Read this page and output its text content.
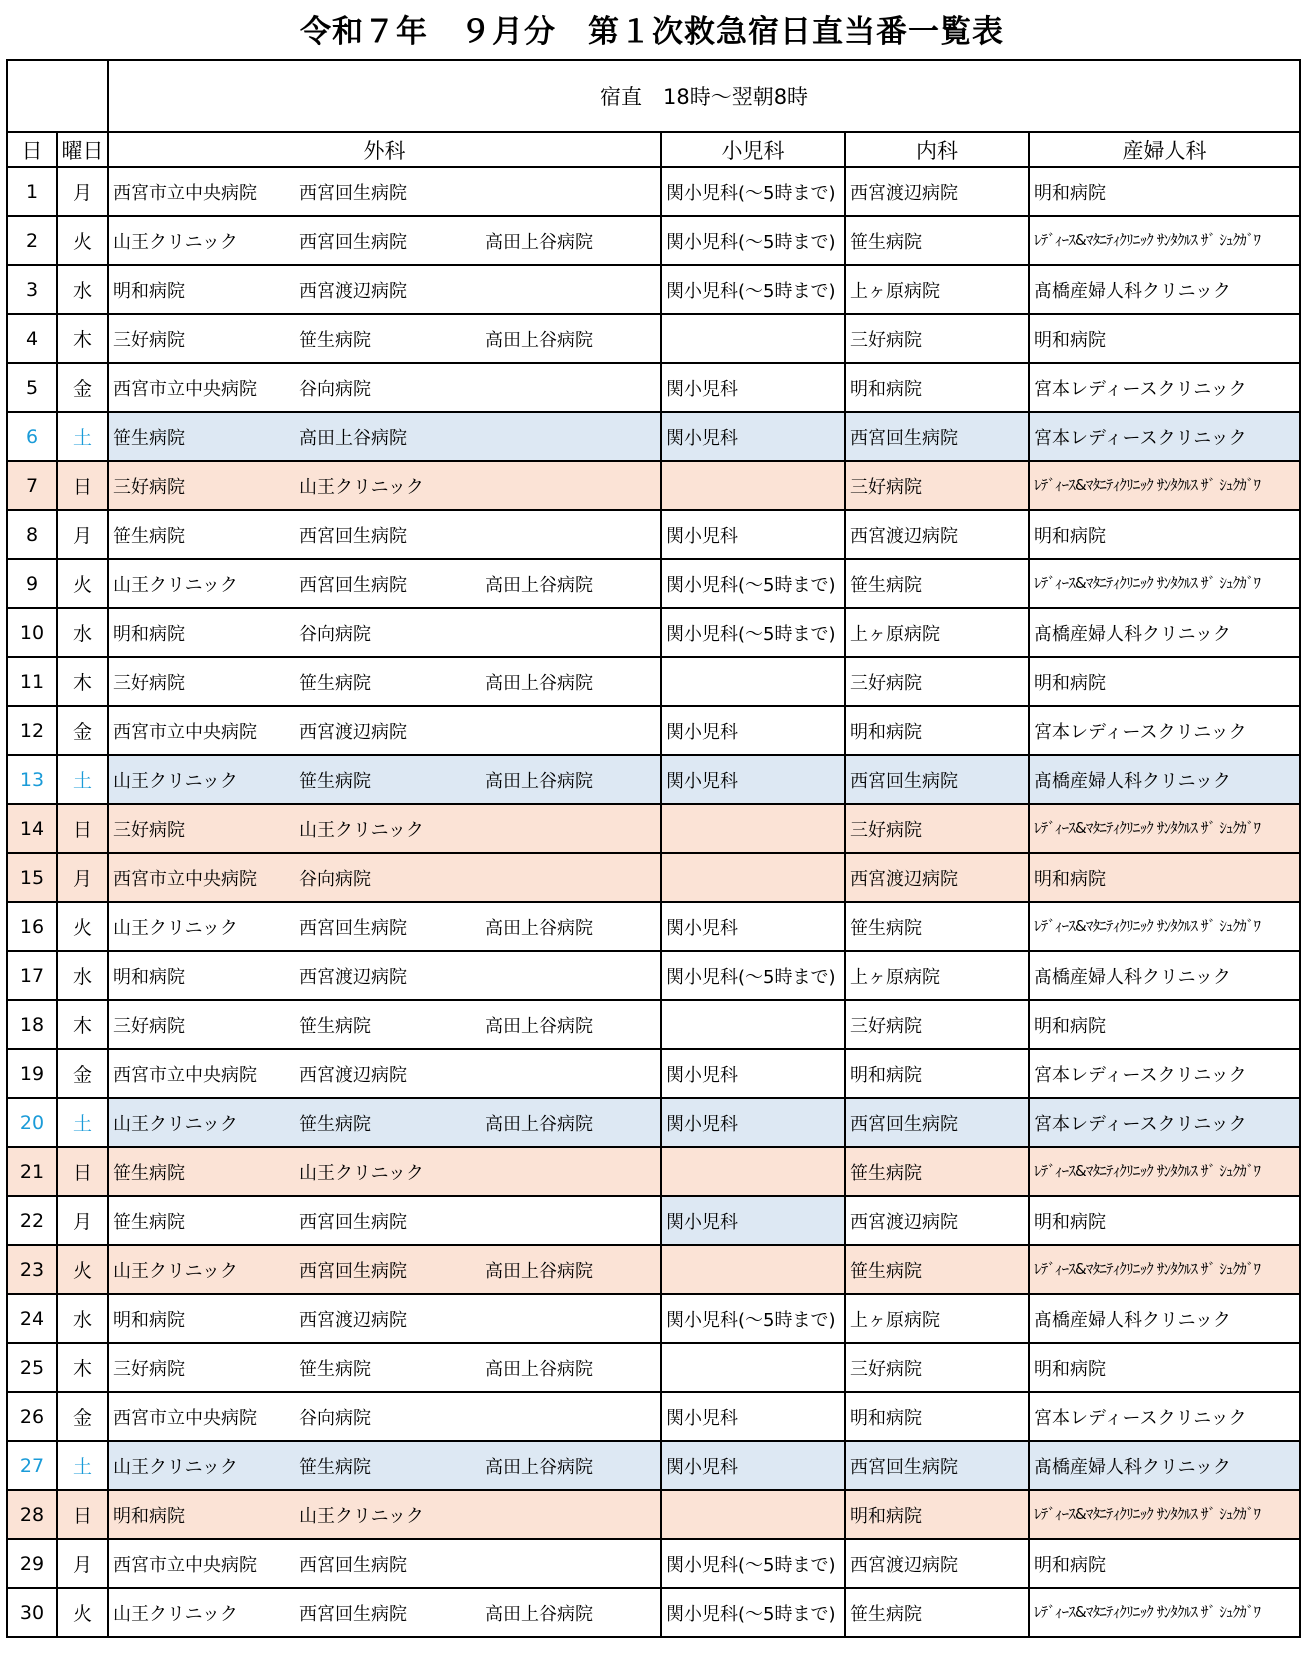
令和７年　９月分　第１次救急宿日直当番一覧表
		宿直　18時～翌朝8時			
日	曜日	外科	小児科	内科	産婦人科
1	月	西宮市立中央病院 西宮回生病院	関小児科(～5時まで)	西宮渡辺病院	明和病院
2	火	山王クリニック 西宮回生病院 高田上谷病院	関小児科(～5時まで)	笹生病院	ﾚﾃﾞｨｰｽ&ﾏﾀﾆﾃｨｸﾘﾆｯｸ ｻﾝﾀｸﾙｽ ｻﾞ ｼｭｸｶﾞﾜ
3	水	明和病院 西宮渡辺病院	関小児科(～5時まで)	上ヶ原病院	髙橋産婦人科クリニック
4	木	三好病院 笹生病院 高田上谷病院		三好病院	明和病院
5	金	西宮市立中央病院 谷向病院	関小児科	明和病院	宮本レディースクリニック
6	土	笹生病院 高田上谷病院	関小児科	西宮回生病院	宮本レディースクリニック
7	日	三好病院 山王クリニック		三好病院	ﾚﾃﾞｨｰｽ&ﾏﾀﾆﾃｨｸﾘﾆｯｸ ｻﾝﾀｸﾙｽ ｻﾞ ｼｭｸｶﾞﾜ
8	月	笹生病院 西宮回生病院	関小児科	西宮渡辺病院	明和病院
9	火	山王クリニック 西宮回生病院 高田上谷病院	関小児科(～5時まで)	笹生病院	ﾚﾃﾞｨｰｽ&ﾏﾀﾆﾃｨｸﾘﾆｯｸ ｻﾝﾀｸﾙｽ ｻﾞ ｼｭｸｶﾞﾜ
10	水	明和病院 谷向病院	関小児科(～5時まで)	上ヶ原病院	髙橋産婦人科クリニック
11	木	三好病院 笹生病院 高田上谷病院		三好病院	明和病院
12	金	西宮市立中央病院 西宮渡辺病院	関小児科	明和病院	宮本レディースクリニック
13	土	山王クリニック 笹生病院 高田上谷病院	関小児科	西宮回生病院	髙橋産婦人科クリニック
14	日	三好病院 山王クリニック		三好病院	ﾚﾃﾞｨｰｽ&ﾏﾀﾆﾃｨｸﾘﾆｯｸ ｻﾝﾀｸﾙｽ ｻﾞ ｼｭｸｶﾞﾜ
15	月	西宮市立中央病院 谷向病院		西宮渡辺病院	明和病院
16	火	山王クリニック 西宮回生病院 高田上谷病院	関小児科	笹生病院	ﾚﾃﾞｨｰｽ&ﾏﾀﾆﾃｨｸﾘﾆｯｸ ｻﾝﾀｸﾙｽ ｻﾞ ｼｭｸｶﾞﾜ
17	水	明和病院 西宮渡辺病院	関小児科(～5時まで)	上ヶ原病院	髙橋産婦人科クリニック
18	木	三好病院 笹生病院 高田上谷病院		三好病院	明和病院
19	金	西宮市立中央病院 西宮渡辺病院	関小児科	明和病院	宮本レディースクリニック
20	土	山王クリニック 笹生病院 高田上谷病院	関小児科	西宮回生病院	宮本レディースクリニック
21	日	笹生病院 山王クリニック		笹生病院	ﾚﾃﾞｨｰｽ&ﾏﾀﾆﾃｨｸﾘﾆｯｸ ｻﾝﾀｸﾙｽ ｻﾞ ｼｭｸｶﾞﾜ
22	月	笹生病院 西宮回生病院	関小児科	西宮渡辺病院	明和病院
23	火	山王クリニック 西宮回生病院 高田上谷病院		笹生病院	ﾚﾃﾞｨｰｽ&ﾏﾀﾆﾃｨｸﾘﾆｯｸ ｻﾝﾀｸﾙｽ ｻﾞ ｼｭｸｶﾞﾜ
24	水	明和病院 西宮渡辺病院	関小児科(～5時まで)	上ヶ原病院	髙橋産婦人科クリニック
25	木	三好病院 笹生病院 高田上谷病院		三好病院	明和病院
26	金	西宮市立中央病院 谷向病院	関小児科	明和病院	宮本レディースクリニック
27	土	山王クリニック 笹生病院 高田上谷病院	関小児科	西宮回生病院	髙橋産婦人科クリニック
28	日	明和病院 山王クリニック		明和病院	ﾚﾃﾞｨｰｽ&ﾏﾀﾆﾃｨｸﾘﾆｯｸ ｻﾝﾀｸﾙｽ ｻﾞ ｼｭｸｶﾞﾜ
29	月	西宮市立中央病院 西宮回生病院	関小児科(～5時まで)	西宮渡辺病院	明和病院
30	火	山王クリニック 西宮回生病院 高田上谷病院	関小児科(～5時まで)	笹生病院	ﾚﾃﾞｨｰｽ&ﾏﾀﾆﾃｨｸﾘﾆｯｸ ｻﾝﾀｸﾙｽ ｻﾞ ｼｭｸｶﾞﾜ
